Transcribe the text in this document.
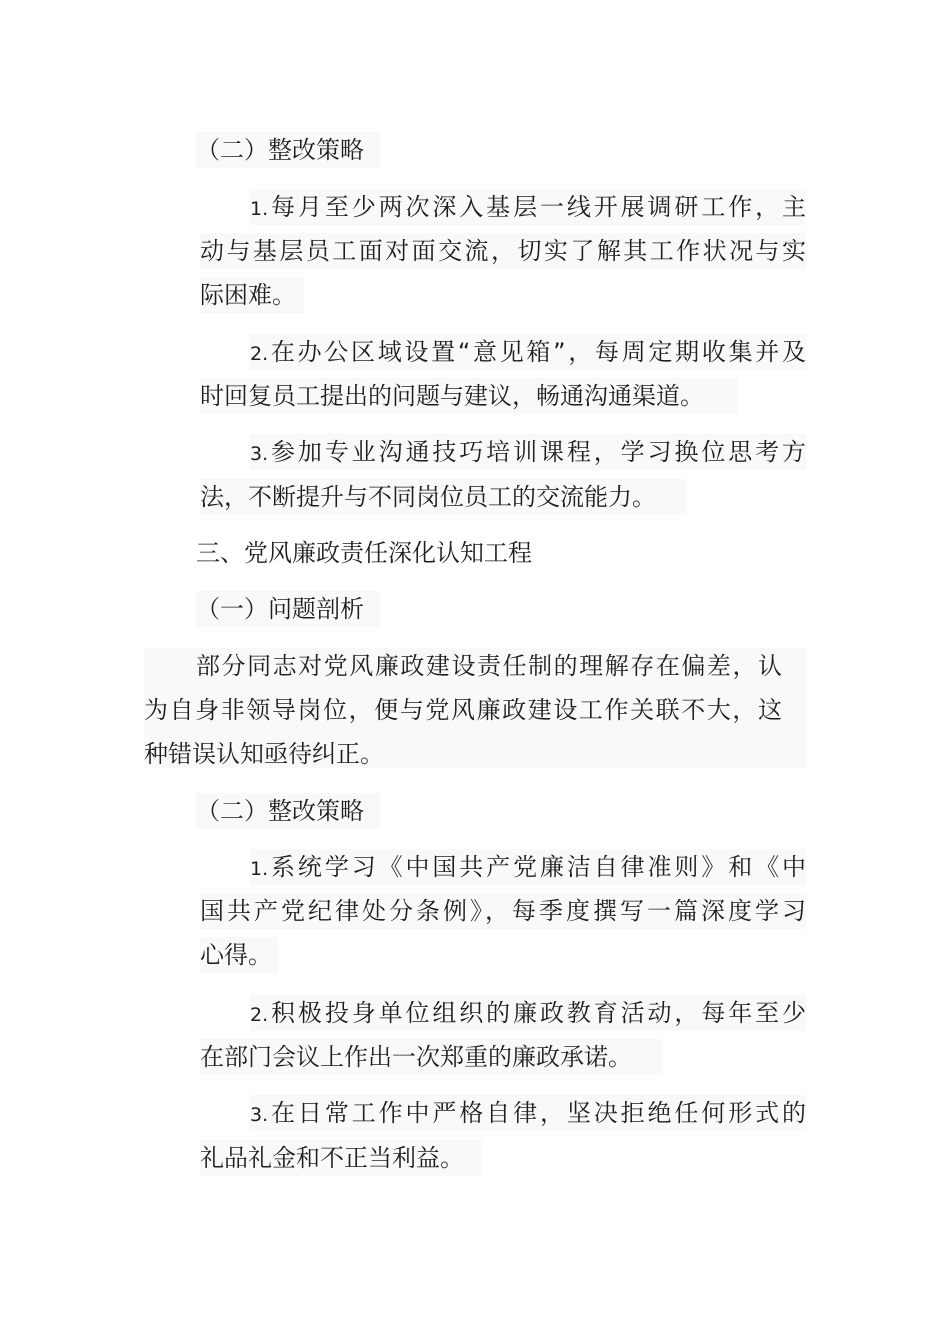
（二）整改策略
1.每月至少两次深入基层一线开展调研工作，主
动与基层员工面对面交流，切实了解其工作状况与实
际困难。
2.在办公区域设置“意见箱”，每周定期收集并及
时回复员工提出的问题与建议，畅通沟通渠道。
3.参加专业沟通技巧培训课程，学习换位思考方
法，不断提升与不同岗位员工的交流能力。
三、党风廉政责任深化认知工程
（一）问题剖析
部分同志对党风廉政建设责任制的理解存在偏差，认
为自身非领导岗位，便与党风廉政建设工作关联不大，这
种错误认知亟待纠正。
（二）整改策略
1.系统学习《中国共产党廉洁自律准则》和《中
国共产党纪律处分条例》，每季度撰写一篇深度学习
心得。
2.积极投身单位组织的廉政教育活动，每年至少
在部门会议上作出一次郑重的廉政承诺。
3.在日常工作中严格自律，坚决拒绝任何形式的
礼品礼金和不正当利益。
